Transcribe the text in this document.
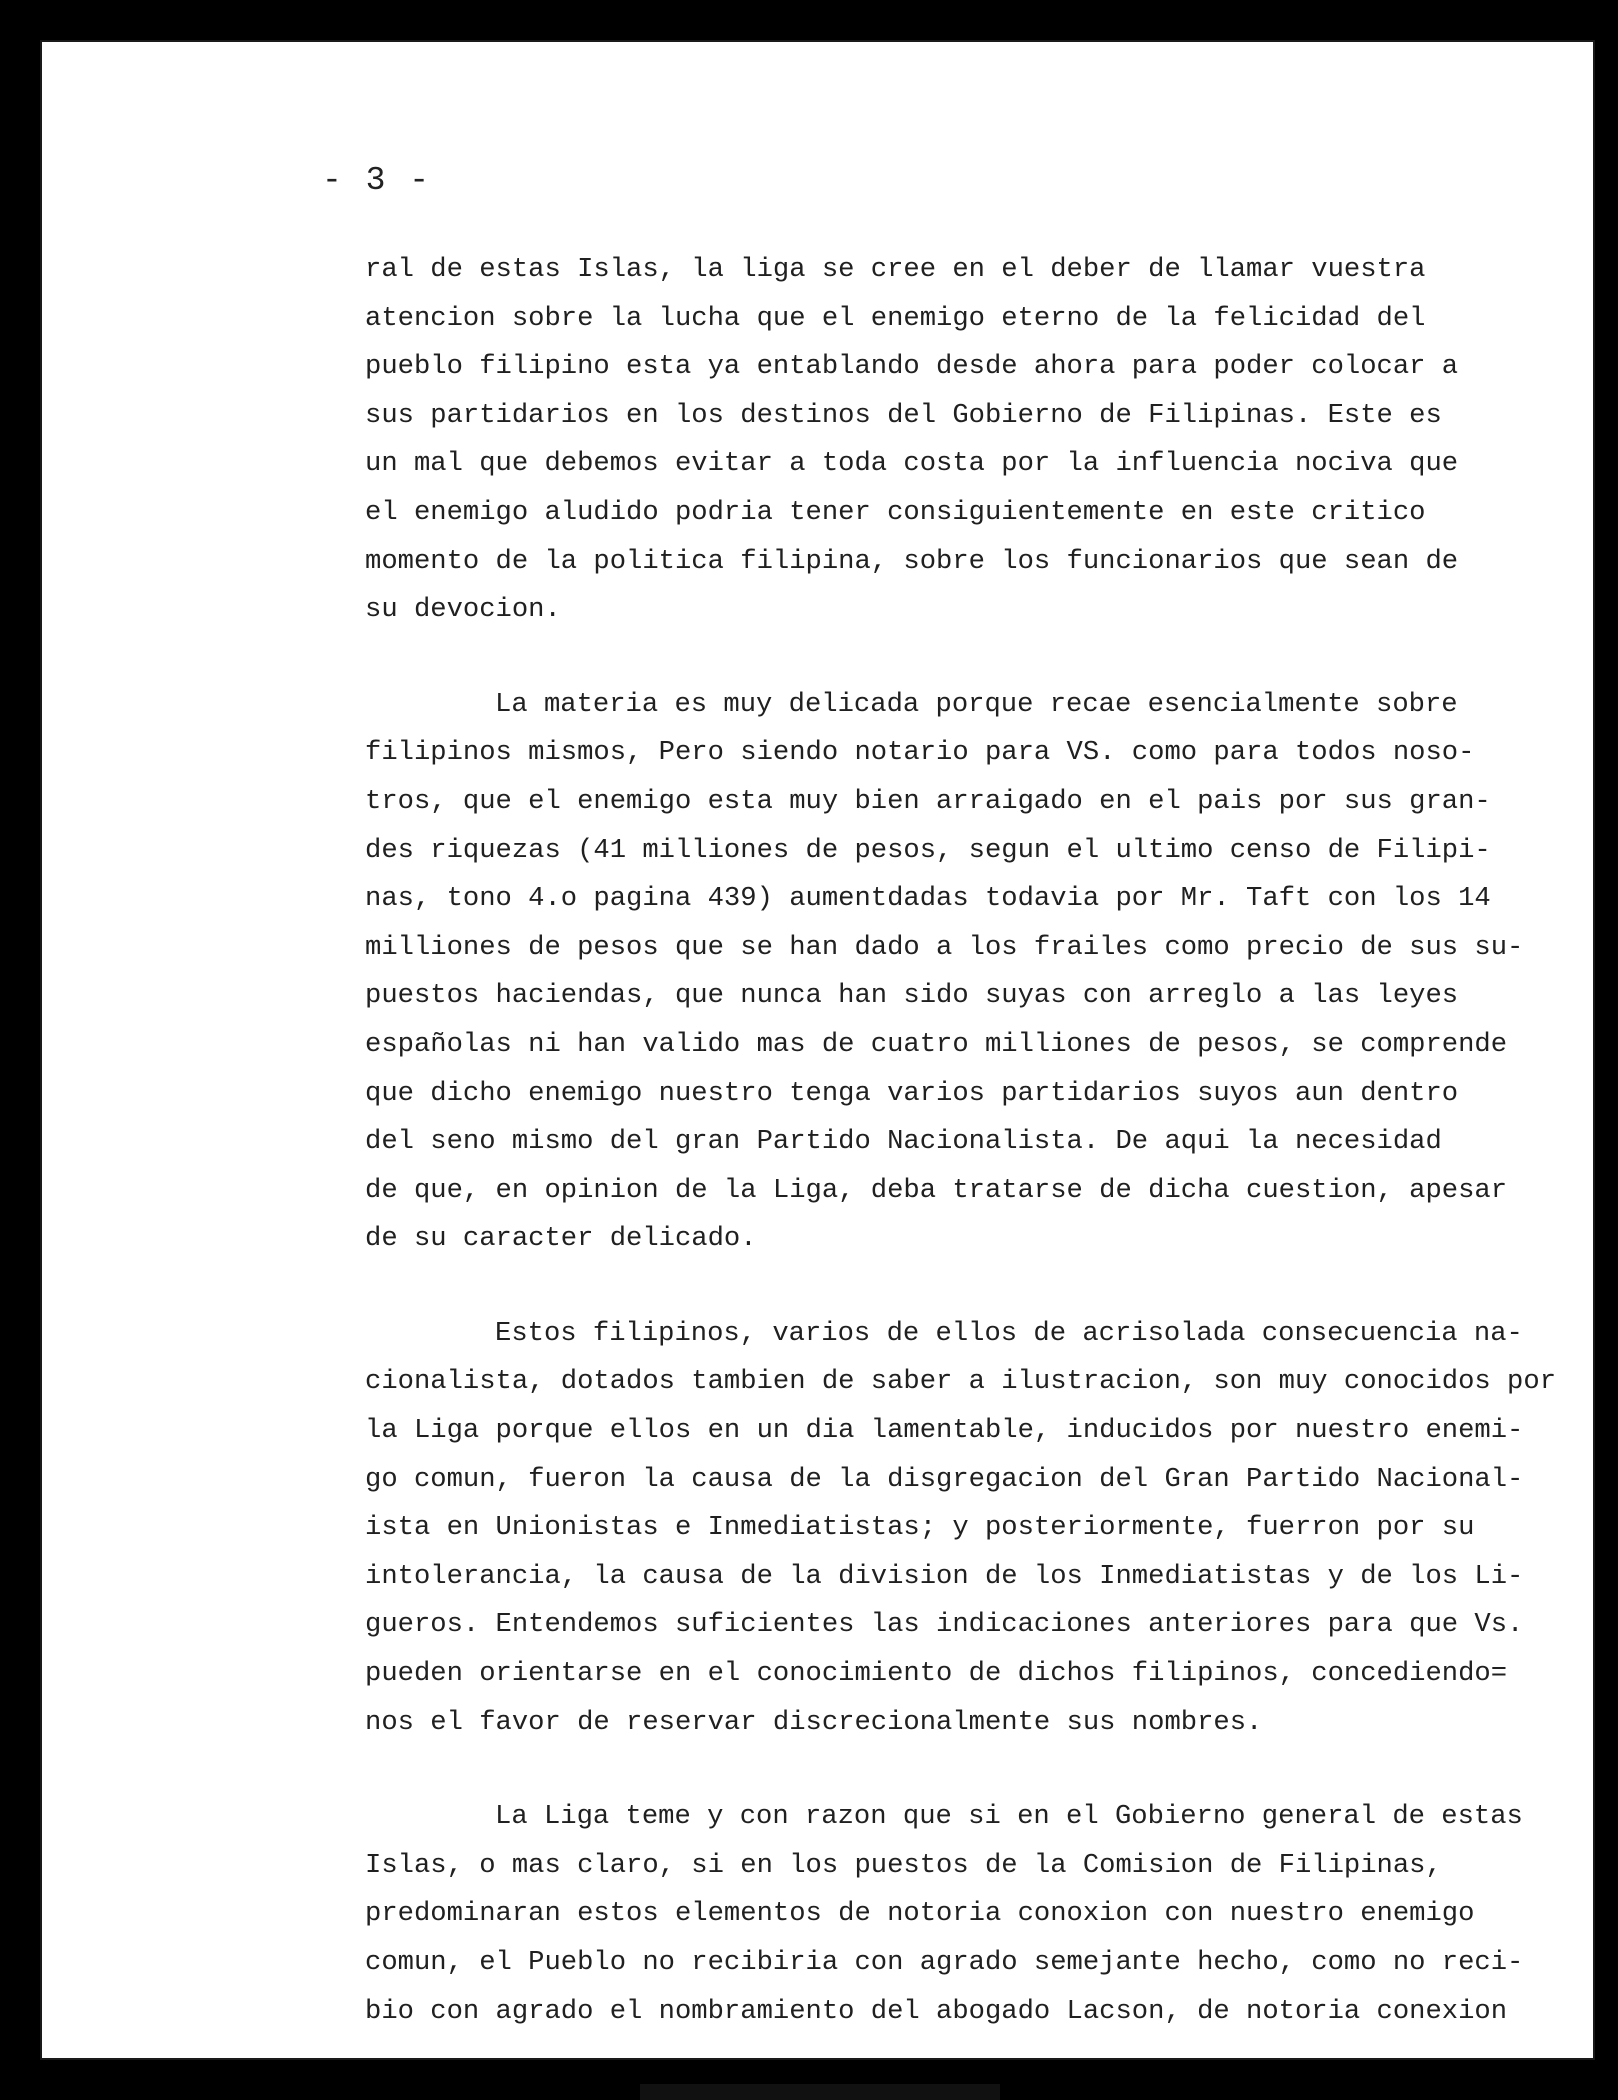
- 3 -

ral de estas Islas, la liga se cree en el deber de llamar vuestra
atencion sobre la lucha que el enemigo eterno de la felicidad del
pueblo filipino esta ya entablando desde ahora para poder colocar a
sus partidarios en los destinos del Gobierno de Filipinas. Este es
un mal que debemos evitar a toda costa por la influencia nociva que
el enemigo aludido podria tener consiguientemente en este critico
momento de la politica filipina, sobre los funcionarios que sean de
su devocion.

La materia es muy delicada porque recae esencialmente sobre
filipinos mismos, Pero siendo notario para VS. como para todos noso-
tros, que el enemigo esta muy bien arraigado en el pais por sus gran-
des riquezas (41 milliones de pesos, segun el ultimo censo de Filipi-
nas, tono 4.o pagina 439) aumentdadas todavia por Mr. Taft con los 14
milliones de pesos que se han dado a los frailes como precio de sus su-
puestos haciendas, que nunca han sido suyas con arreglo a las leyes
españolas ni han valido mas de cuatro milliones de pesos, se comprende
que dicho enemigo nuestro tenga varios partidarios suyos aun dentro
del seno mismo del gran Partido Nacionalista. De aqui la necesidad
de que, en opinion de la Liga, deba tratarse de dicha cuestion, apesar
de su caracter delicado.

Estos filipinos, varios de ellos de acrisolada consecuencia na-
cionalista, dotados tambien de saber a ilustracion, son muy conocidos por
la Liga porque ellos en un dia lamentable, inducidos por nuestro enemi-
go comun, fueron la causa de la disgregacion del Gran Partido Nacional-
ista en Unionistas e Inmediatistas; y posteriormente, fuerron por su
intolerancia, la causa de la division de los Inmediatistas y de los Li-
gueros. Entendemos suficientes las indicaciones anteriores para que Vs.
pueden orientarse en el conocimiento de dichos filipinos, concediendo=
nos el favor de reservar discrecionalmente sus nombres.

La Liga teme y con razon que si en el Gobierno general de estas
Islas, o mas claro, si en los puestos de la Comision de Filipinas,
predominaran estos elementos de notoria conoxion con nuestro enemigo
comun, el Pueblo no recibiria con agrado semejante hecho, como no reci-
bio con agrado el nombramiento del abogado Lacson, de notoria conexion
